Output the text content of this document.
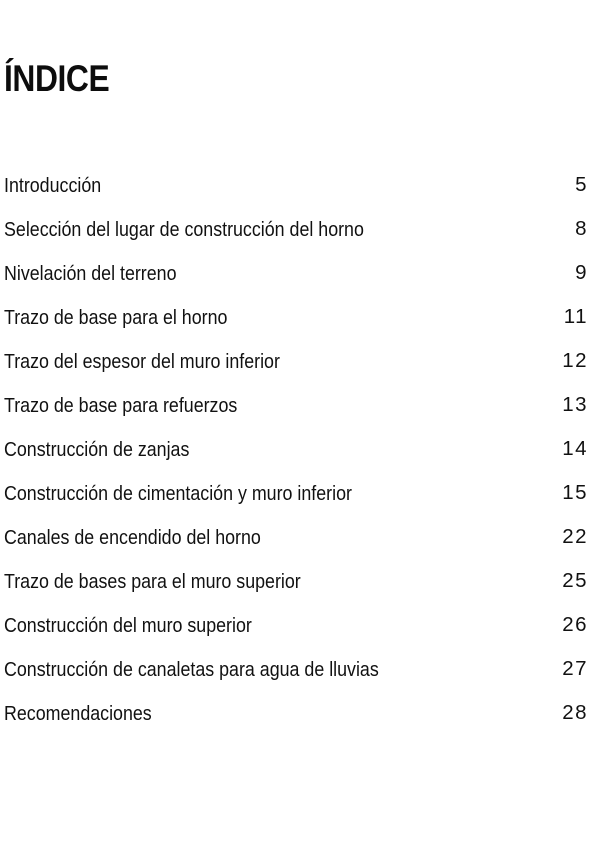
ÍNDICE
Introducción	5
Selección del lugar de construcción del horno	8
Nivelación del terreno	9
Trazo de base para el horno	11
Trazo del espesor del muro inferior	12
Trazo de base para refuerzos	13
Construcción de zanjas	14
Construcción de cimentación y muro inferior	15
Canales de encendido del horno	22
Trazo de bases para el muro superior	25
Construcción del muro superior	26
Construcción de canaletas para agua de lluvias	27
Recomendaciones	28
